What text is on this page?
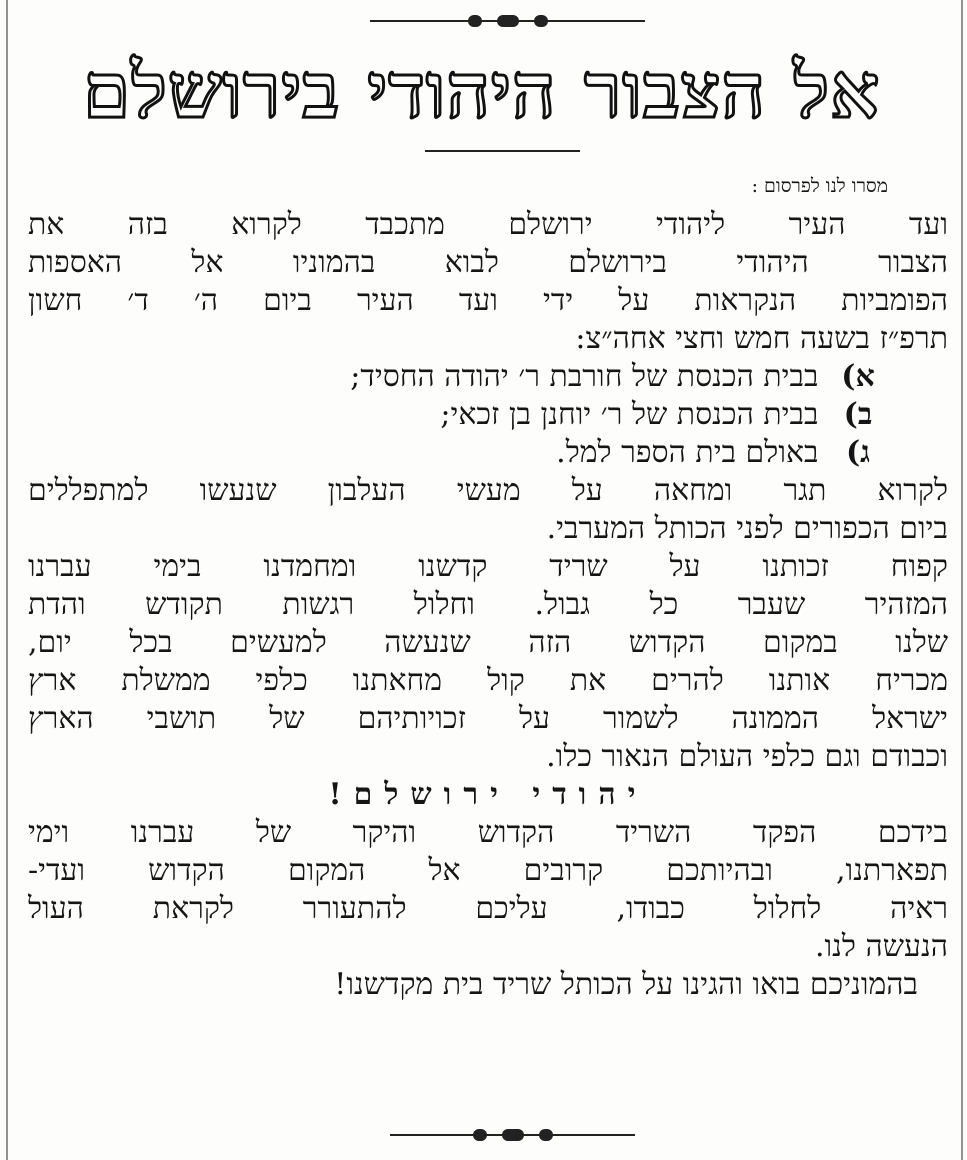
אל הצבור היהודי בירושלם
מסרו לנו לפרסום :
ועד העיר ליהודי ירושלם מתכבד לקרוא בזה את
הצבור היהודי בירושלם לבוא בהמוניו אל האספות
הפומביות הנקראות על ידי ועד העיר ביום ה׳ ד׳ חשון
תרפ״ז בשעה חמש וחצי אחה״צ:
א) בבית הכנסת של חורבת ר׳ יהודה החסיד;
ב) בבית הכנסת של ר׳ יוחנן בן זכאי;
ג) באולם בית הספר למל.
לקרוא תגר ומחאה על מעשי העלבון שנעשו למתפללים
ביום הכפורים לפני הכותל המערבי.
קפוח זכותנו על שריד קדשנו ומחמדנו בימי עברנו
המזהיר שעבר כל גבול. וחלול רגשות תקודש והדת
שלנו במקום הקדוש הזה שנעשה למעשים בכל יום,
מכריח אותנו להרים את קול מחאתנו כלפי ממשלת ארץ
ישראל הממונה לשמור על זכויותיהם של תושבי הארץ
וכבודם וגם כלפי העולם הנאור כלו.
יהודי ירושלם!
בידכם הפקד השריד הקדוש והיקר של עברנו וימי
תפארתנו, ובהיותכם קרובים אל המקום הקדוש ועדי-
ראיה לחלול כבודו, עליכם להתעורר לקראת העול
הנעשה לנו.
בהמוניכם בואו והגינו על הכותל שריד בית מקדשנו!
